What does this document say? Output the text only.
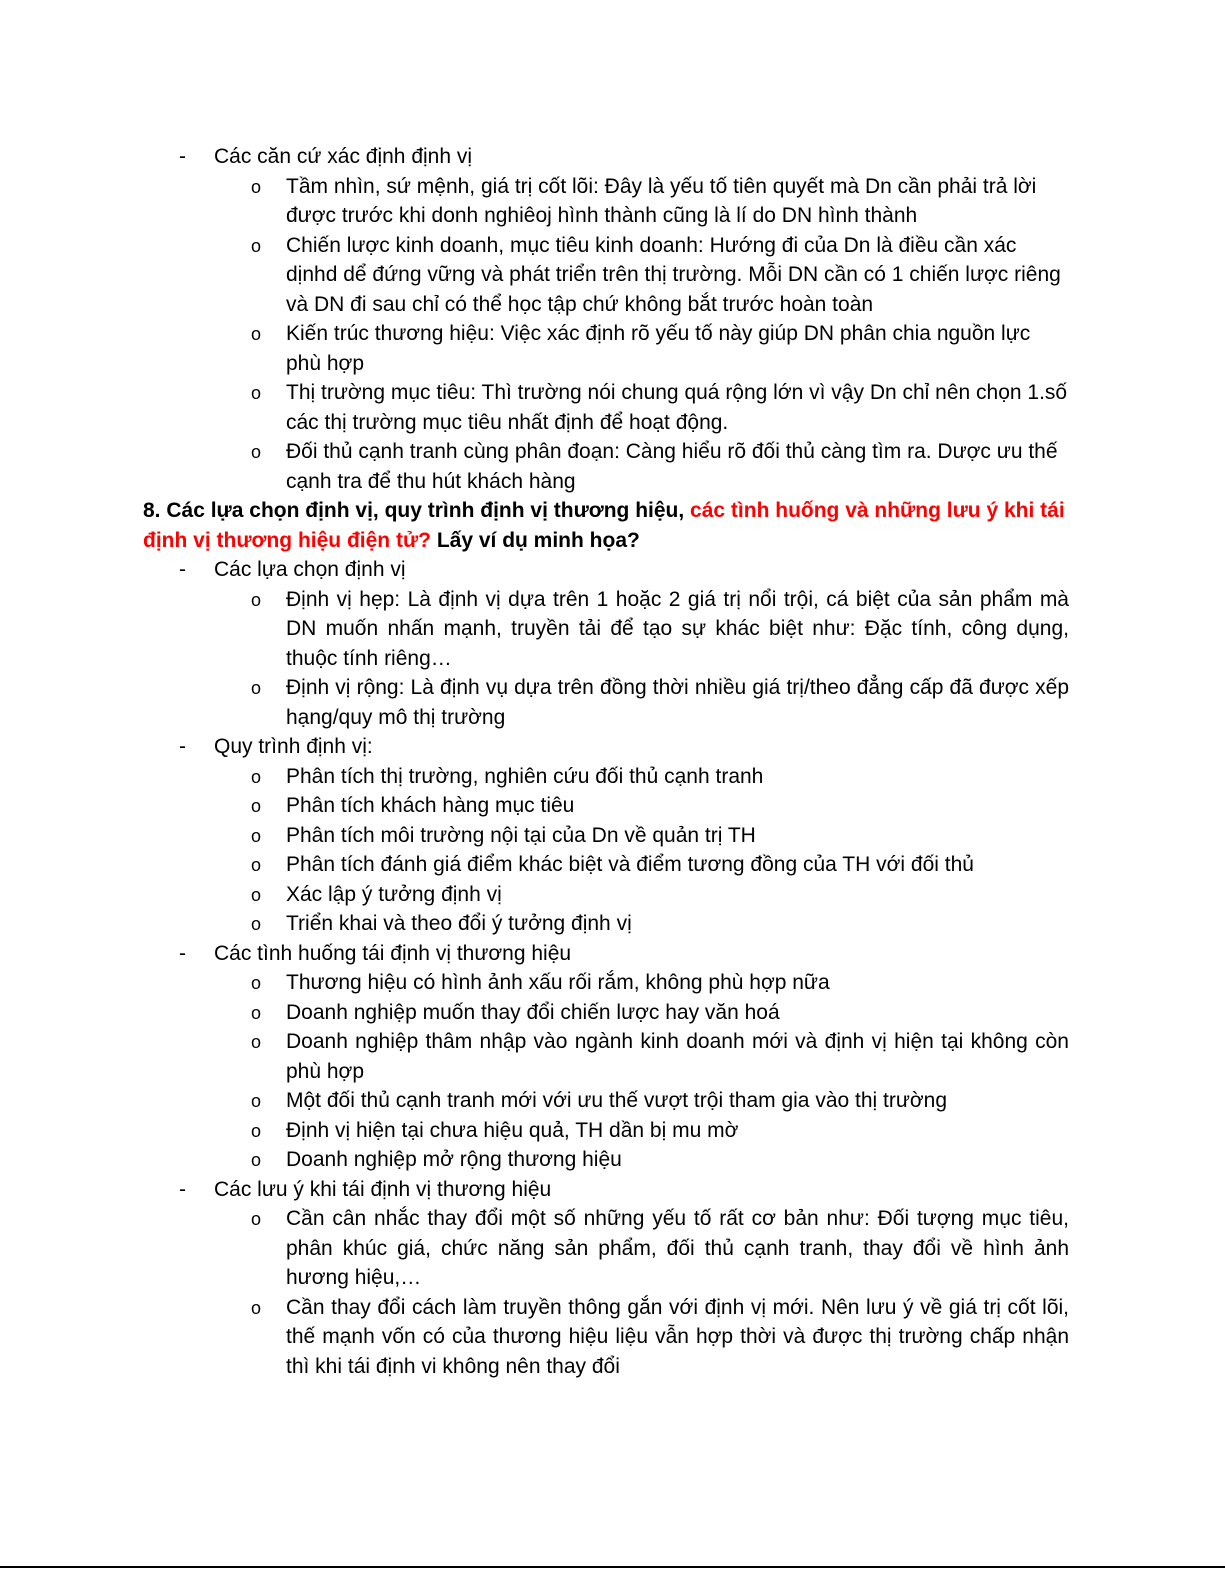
- Các căn cứ xác định định vị
o Tầm nhìn, sứ mệnh, giá trị cốt lõi: Đây là yếu tố tiên quyết mà Dn cần phải trả lời được trước khi donh nghiêoj hình thành cũng là lí do DN hình thành
o Chiến lược kinh doanh, mục tiêu kinh doanh: Hướng đi của Dn là điều cần xác dịnhd dể đứng vững và phát triển trên thị trường. Mỗi DN cần có 1 chiến lược riêng và DN đi sau chỉ có thể học tập chứ không bắt trước hoàn toàn
o Kiến trúc thương hiệu: Việc xác định rõ yếu tố này giúp DN phân chia nguồn lực phù hợp
o Thị trường mục tiêu: Thì trường nói chung quá rộng lớn vì vậy Dn chỉ nên chọn 1.số các thị trường mục tiêu nhất định để hoạt động.
o Đối thủ cạnh tranh cùng phân đoạn: Càng hiểu rõ đối thủ càng tìm ra. Dược ưu thế cạnh tra để thu hút khách hàng
8. Các lựa chọn định vị, quy trình định vị thương hiệu, các tình huống và những lưu ý khi tái định vị thương hiệu điện tử? Lấy ví dụ minh họa?
- Các lựa chọn định vị
o Định vị hẹp: Là định vị dựa trên 1 hoặc 2 giá trị nổi trội, cá biệt của sản phẩm mà DN muốn nhấn mạnh, truyền tải để tạo sự khác biệt như: Đặc tính, công dụng, thuộc tính riêng…
o Định vị rộng: Là định vụ dựa trên đồng thời nhiều giá trị/theo đẳng cấp đã được xếp hạng/quy mô thị trường
- Quy trình định vị:
o Phân tích thị trường, nghiên cứu đối thủ cạnh tranh
o Phân tích khách hàng mục tiêu
o Phân tích môi trường nội tại của Dn về quản trị TH
o Phân tích đánh giá điểm khác biệt và điểm tương đồng của TH với đối thủ
o Xác lập ý tưởng định vị
o Triển khai và theo đổi ý tưởng định vị
- Các tình huống tái định vị thương hiệu
o Thương hiệu có hình ảnh xấu rối rắm, không phù hợp nữa
o Doanh nghiệp muốn thay đổi chiến lược hay văn hoá
o Doanh nghiệp thâm nhập vào ngành kinh doanh mới và định vị hiện tại không còn phù hợp
o Một đối thủ cạnh tranh mới với ưu thế vượt trội tham gia vào thị trường
o Định vị hiện tại chưa hiệu quả, TH dần bị mu mờ
o Doanh nghiệp mở rộng thương hiệu
- Các lưu ý khi tái định vị thương hiệu
o Cần cân nhắc thay đổi một số những yếu tố rất cơ bản như: Đối tượng mục tiêu, phân khúc giá, chức năng sản phẩm, đối thủ cạnh tranh, thay đổi về hình ảnh hương hiệu,…
o Cần thay đổi cách làm truyền thông gắn với định vị mới. Nên lưu ý về giá trị cốt lõi, thế mạnh vốn có của thương hiệu liệu vẫn hợp thời và được thị trường chấp nhận thì khi tái định vi không nên thay đổi
